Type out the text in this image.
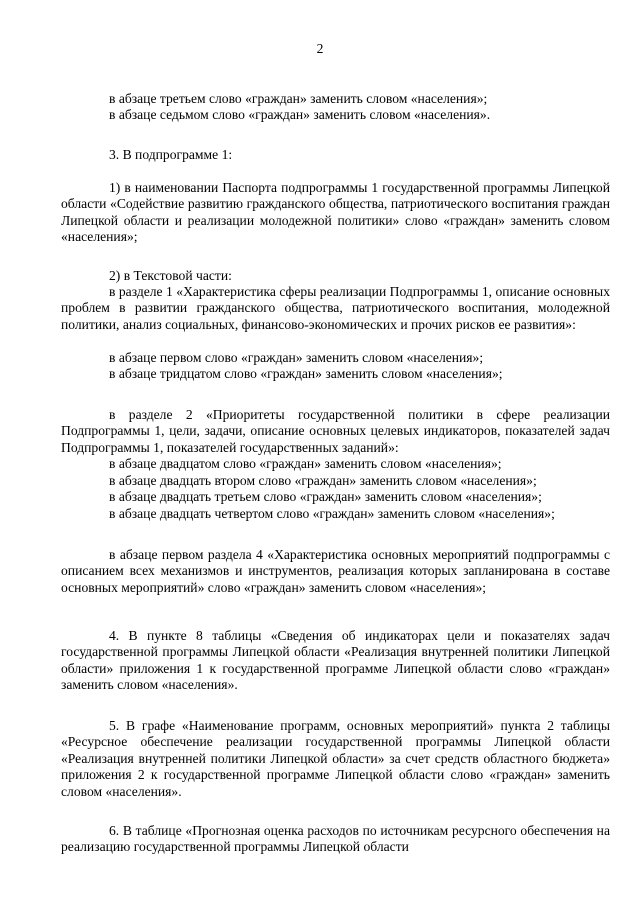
2

в абзаце третьем слово «граждан» заменить словом «населения»;

в абзаце седьмом слово «граждан» заменить словом «населения».

3. В подпрограмме 1:

1) в наименовании Паспорта подпрограммы 1 государственной программы Липецкой области «Содействие развитию гражданского общества, патриотического воспитания граждан Липецкой области и реализации молодежной политики» слово «граждан» заменить словом «населения»;

2) в Текстовой части:

в разделе 1 «Характеристика сферы реализации Подпрограммы 1, описание основных проблем в развитии гражданского общества, патриотического воспитания, молодежной политики, анализ социальных, финансово-экономических и прочих рисков ее развития»:

в абзаце первом слово «граждан» заменить словом «населения»;

в абзаце тридцатом слово «граждан» заменить словом «населения»;

в разделе 2 «Приоритеты государственной политики в сфере реализации Подпрограммы 1, цели, задачи, описание основных целевых индикаторов, показателей задач Подпрограммы 1, показателей государственных заданий»:

в абзаце двадцатом слово «граждан» заменить словом «населения»;

в абзаце двадцать втором слово «граждан» заменить словом «населения»;

в абзаце двадцать третьем слово «граждан» заменить словом «населения»;

в абзаце двадцать четвертом слово «граждан» заменить словом «населения»;

в абзаце первом раздела 4 «Характеристика основных мероприятий подпрограммы с описанием всех механизмов и инструментов, реализация которых запланирована в составе основных мероприятий» слово «граждан» заменить словом «населения»;

4. В пункте 8 таблицы «Сведения об индикаторах цели и показателях задач государственной программы Липецкой области «Реализация внутренней политики Липецкой области» приложения 1 к государственной программе Липецкой области слово «граждан» заменить словом «населения».

5. В графе «Наименование программ, основных мероприятий» пункта 2 таблицы «Ресурсное обеспечение реализации государственной программы Липецкой области «Реализация внутренней политики Липецкой области» за счет средств областного бюджета» приложения 2 к государственной программе Липецкой области слово «граждан» заменить словом «населения».

6. В таблице «Прогнозная оценка расходов по источникам ресурсного обеспечения на реализацию государственной программы Липецкой области
